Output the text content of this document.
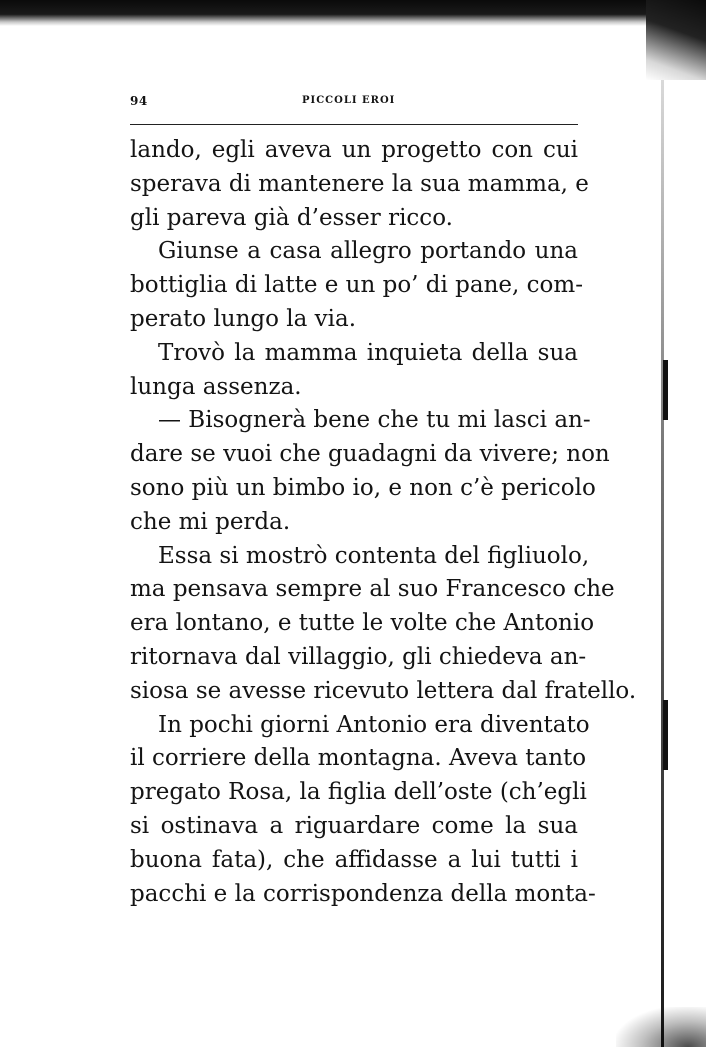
94	PICCOLI EROI
lando, egli aveva un progetto con cui
sperava di mantenere la sua mamma, e
gli pareva già d’esser ricco.
Giunse a casa allegro portando una
bottiglia di latte e un po’ di pane, com-
perato lungo la via.
Trovò la mamma inquieta della sua
lunga assenza.
— Bisognerà bene che tu mi lasci an-
dare se vuoi che guadagni da vivere; non
sono più un bimbo io, e non c’è pericolo
che mi perda.
Essa si mostrò contenta del figliuolo,
ma pensava sempre al suo Francesco che
era lontano, e tutte le volte che Antonio
ritornava dal villaggio, gli chiedeva an-
siosa se avesse ricevuto lettera dal fratello.
In pochi giorni Antonio era diventato
il corriere della montagna. Aveva tanto
pregato Rosa, la figlia dell’oste (ch’egli
si ostinava a riguardare come la sua
buona fata), che affidasse a lui tutti i
pacchi e la corrispondenza della monta-
